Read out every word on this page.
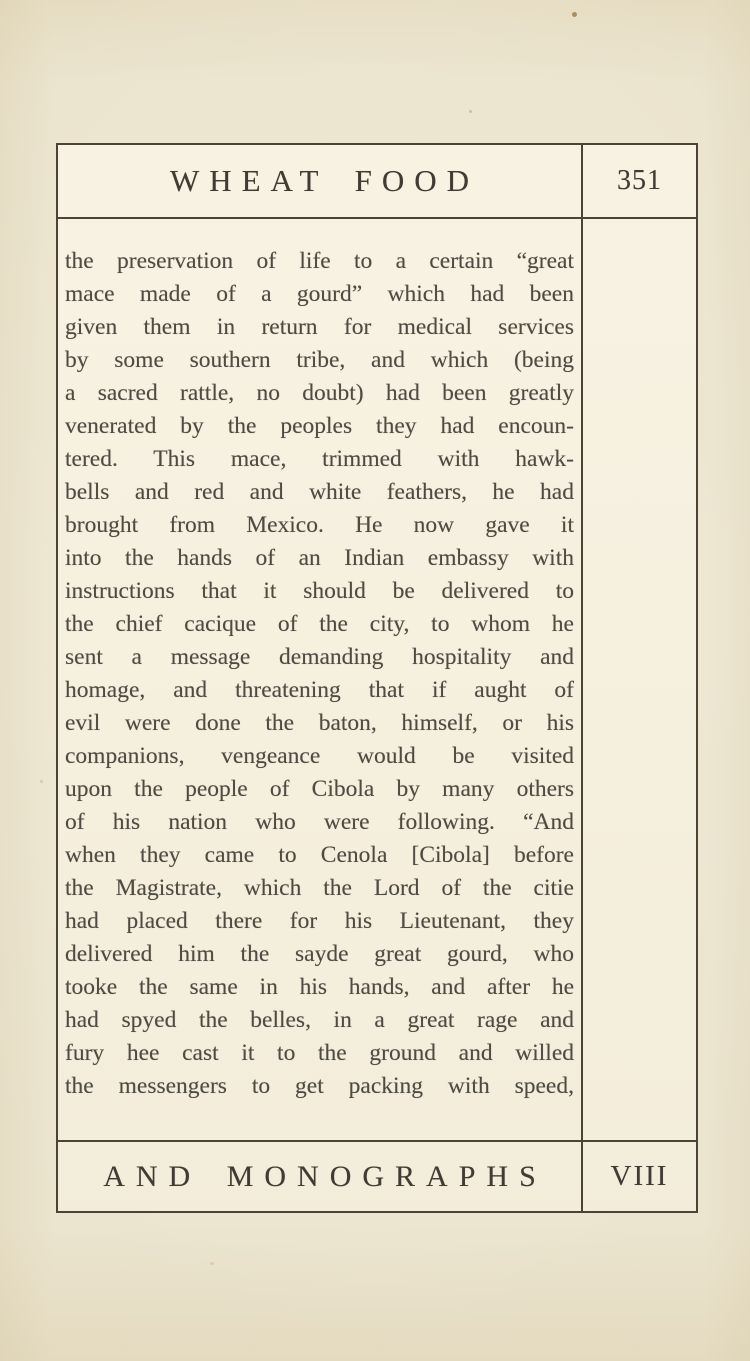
WHEAT FOOD	351
the preservation of life to a certain “great
mace made of a gourd” which had been
given them in return for medical services
by some southern tribe, and which (being
a sacred rattle, no doubt) had been greatly
venerated by the peoples they had encoun-
tered. This mace, trimmed with hawk-
bells and red and white feathers, he had
brought from Mexico. He now gave it
into the hands of an Indian embassy with
instructions that it should be delivered to
the chief cacique of the city, to whom he
sent a message demanding hospitality and
homage, and threatening that if aught of
evil were done the baton, himself, or his
companions, vengeance would be visited
upon the people of Cibola by many others
of his nation who were following. “And
when they came to Cenola [Cibola] before
the Magistrate, which the Lord of the citie
had placed there for his Lieutenant, they
delivered him the sayde great gourd, who
tooke the same in his hands, and after he
had spyed the belles, in a great rage and
fury hee cast it to the ground and willed
the messengers to get packing with speed,
AND MONOGRAPHS VIII
